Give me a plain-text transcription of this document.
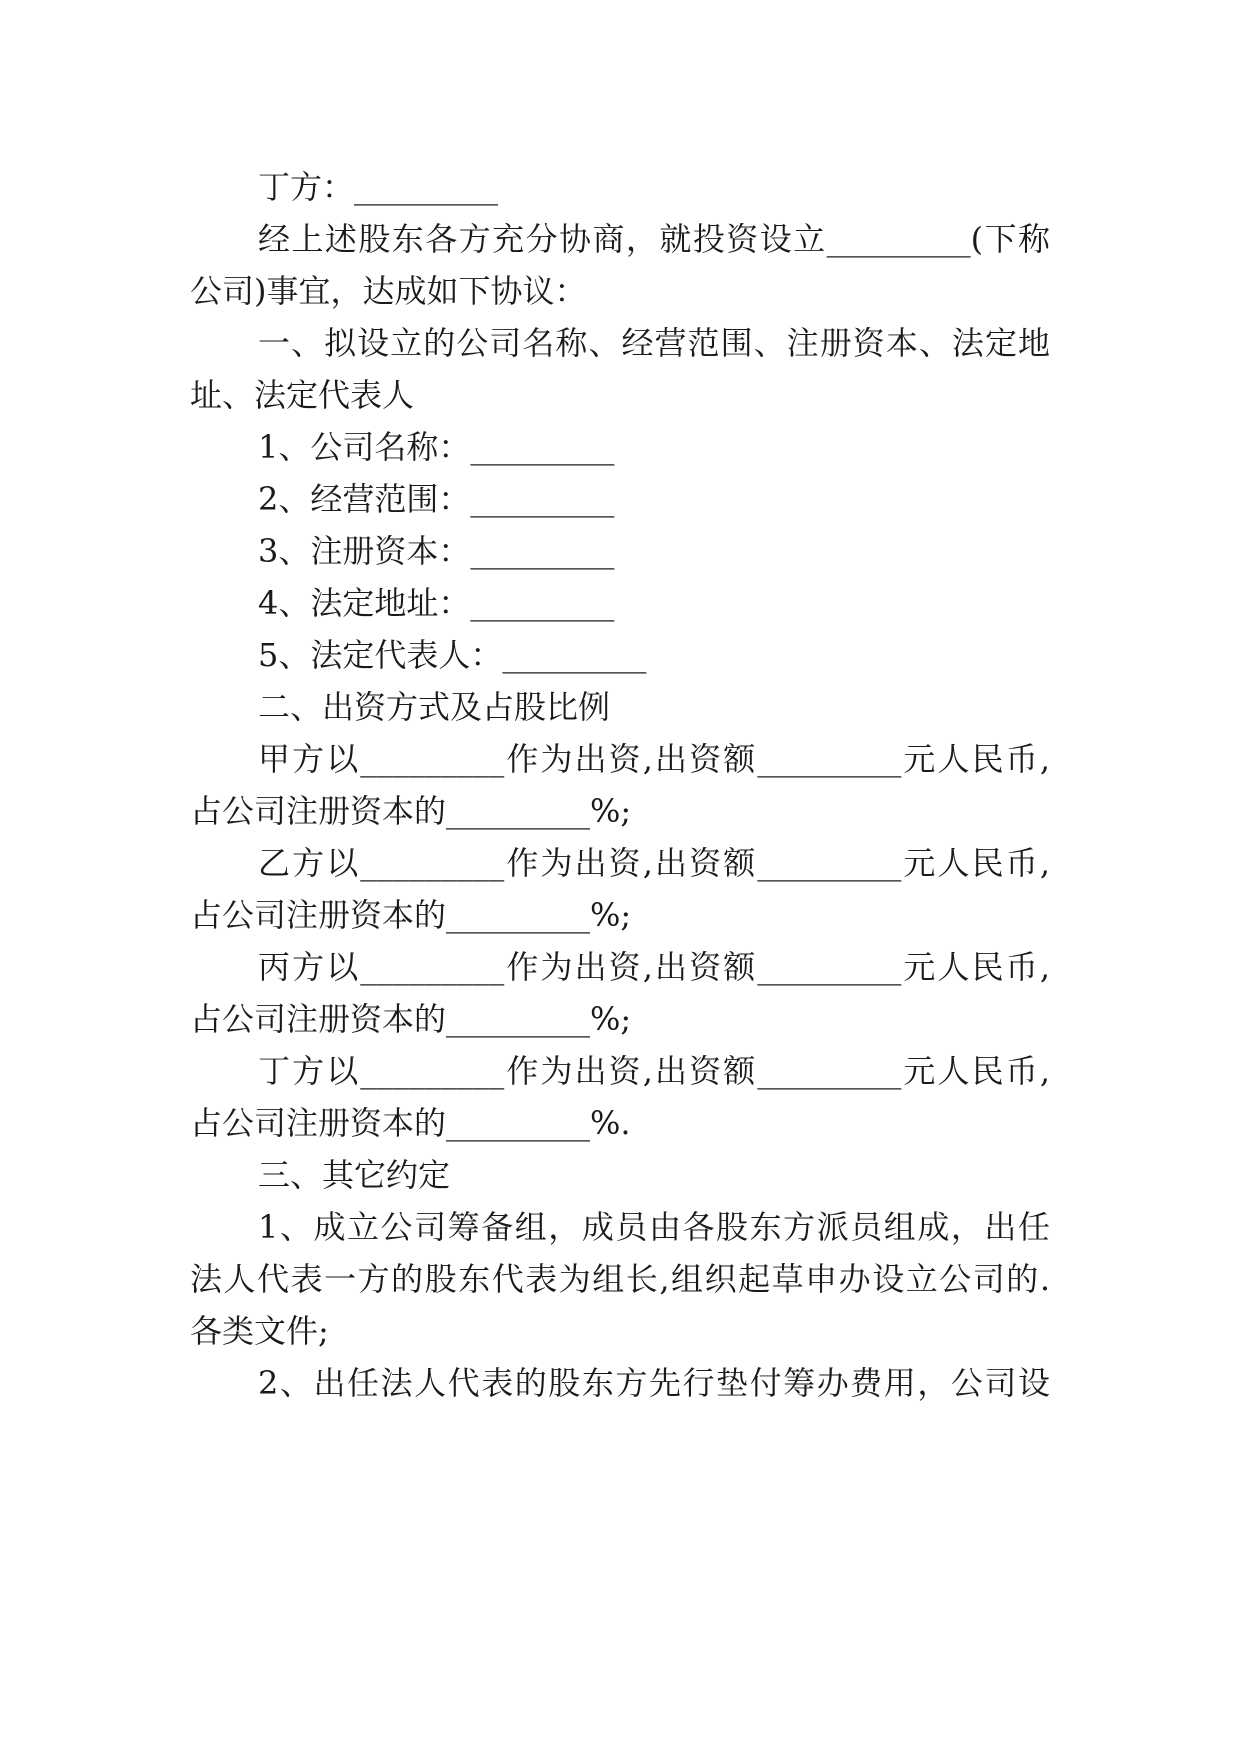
丁方：_________
经上述股东各方充分协商，就投资设立_________(下称
公司)事宜，达成如下协议：
一、拟设立的公司名称、经营范围、注册资本、法定地
址、法定代表人
1、公司名称：_________
2、经营范围：_________
3、注册资本：_________
4、法定地址：_________
5、法定代表人：_________
二、出资方式及占股比例
甲方以_________作为出资,出资额_________元人民币,
占公司注册资本的_________%;
乙方以_________作为出资,出资额_________元人民币,
占公司注册资本的_________%;
丙方以_________作为出资,出资额_________元人民币,
占公司注册资本的_________%;
丁方以_________作为出资,出资额_________元人民币,
占公司注册资本的_________%.
三、其它约定
1、成立公司筹备组，成员由各股东方派员组成，出任
法人代表一方的股东代表为组长,组织起草申办设立公司的.
各类文件;
2、出任法人代表的股东方先行垫付筹办费用，公司设
